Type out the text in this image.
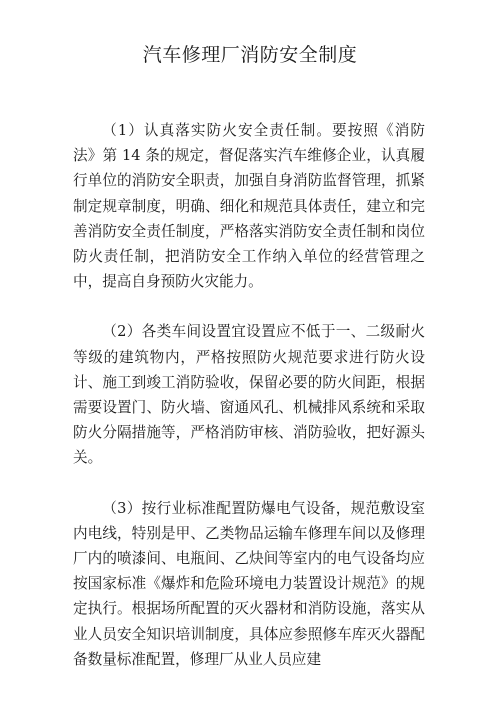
汽车修理厂消防安全制度

（1）认真落实防火安全责任制。要按照《消防法》第 14 条的规定，督促落实汽车维修企业，认真履行单位的消防安全职责，加强自身消防监督管理，抓紧制定规章制度，明确、细化和规范具体责任，建立和完善消防安全责任制度，严格落实消防安全责任制和岗位防火责任制，把消防安全工作纳入单位的经营管理之中，提高自身预防火灾能力。

（2）各类车间设置宜设置应不低于一、二级耐火等级的建筑物内，严格按照防火规范要求进行防火设计、施工到竣工消防验收，保留必要的防火间距，根据需要设置门、防火墙、窗通风孔、机械排风系统和采取防火分隔措施等，严格消防审核、消防验收，把好源头关。

（3）按行业标准配置防爆电气设备，规范敷设室内电线，特别是甲、乙类物品运输车修理车间以及修理厂内的喷漆间、电瓶间、乙炔间等室内的电气设备均应按国家标准《爆炸和危险环境电力装置设计规范》的规定执行。根据场所配置的灭火器材和消防设施，落实从业人员安全知识培训制度，具体应参照修车库灭火器配备数量标准配置，修理厂从业人员应建
